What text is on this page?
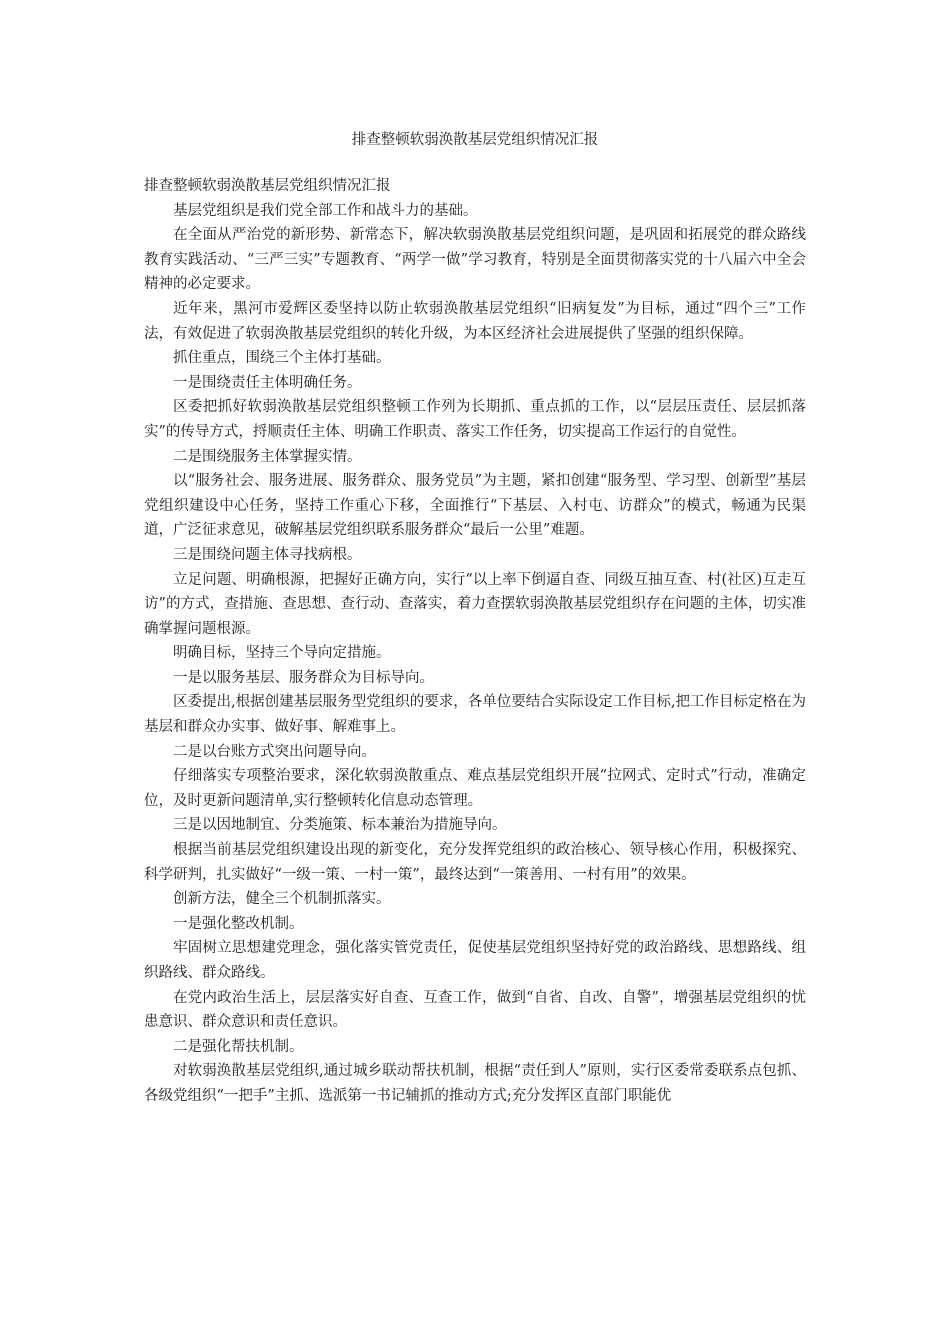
排查整顿软弱涣散基层党组织情况汇报

排查整顿软弱涣散基层党组织情况汇报

基层党组织是我们党全部工作和战斗力的基础。

在全面从严治党的新形势、新常态下，解决软弱涣散基层党组织问题，是巩固和拓展党的群众路线教育实践活动、“三严三实”专题教育、“两学一做”学习教育，特别是全面贯彻落实党的十八届六中全会精神的必定要求。

近年来，黑河市爱辉区委坚持以防止软弱涣散基层党组织“旧病复发”为目标，通过“四个三”工作法，有效促进了软弱涣散基层党组织的转化升级，为本区经济社会进展提供了坚强的组织保障。

抓住重点，围绕三个主体打基础。

一是围绕责任主体明确任务。

区委把抓好软弱涣散基层党组织整顿工作列为长期抓、重点抓的工作，以“层层压责任、层层抓落实”的传导方式，捋顺责任主体、明确工作职责、落实工作任务，切实提高工作运行的自觉性。

二是围绕服务主体掌握实情。

以“服务社会、服务进展、服务群众、服务党员”为主题，紧扣创建“服务型、学习型、创新型”基层党组织建设中心任务，坚持工作重心下移，全面推行“下基层、入村屯、访群众”的模式，畅通为民渠道，广泛征求意见，破解基层党组织联系服务群众“最后一公里”难题。

三是围绕问题主体寻找病根。

立足问题、明确根源，把握好正确方向，实行“以上率下倒逼自查、同级互抽互查、村(社区)互走互访”的方式，查措施、查思想、查行动、查落实，着力查摆软弱涣散基层党组织存在问题的主体，切实准确掌握问题根源。

明确目标，坚持三个导向定措施。

一是以服务基层、服务群众为目标导向。

区委提出,根据创建基层服务型党组织的要求，各单位要结合实际设定工作目标,把工作目标定格在为基层和群众办实事、做好事、解难事上。

二是以台账方式突出问题导向。

仔细落实专项整治要求，深化软弱涣散重点、难点基层党组织开展“拉网式、定时式”行动，准确定位，及时更新问题清单,实行整顿转化信息动态管理。

三是以因地制宜、分类施策、标本兼治为措施导向。

根据当前基层党组织建设出现的新变化，充分发挥党组织的政治核心、领导核心作用，积极探究、科学研判，扎实做好“一级一策、一村一策”，最终达到“一策善用、一村有用”的效果。

创新方法，健全三个机制抓落实。

一是强化整改机制。

牢固树立思想建党理念，强化落实管党责任，促使基层党组织坚持好党的政治路线、思想路线、组织路线、群众路线。

在党内政治生活上，层层落实好自查、互查工作，做到“自省、自改、自警”，增强基层党组织的忧患意识、群众意识和责任意识。

二是强化帮扶机制。

对软弱涣散基层党组织,通过城乡联动帮扶机制，根据“责任到人”原则，实行区委常委联系点包抓、各级党组织“一把手”主抓、选派第一书记辅抓的推动方式;充分发挥区直部门职能优
